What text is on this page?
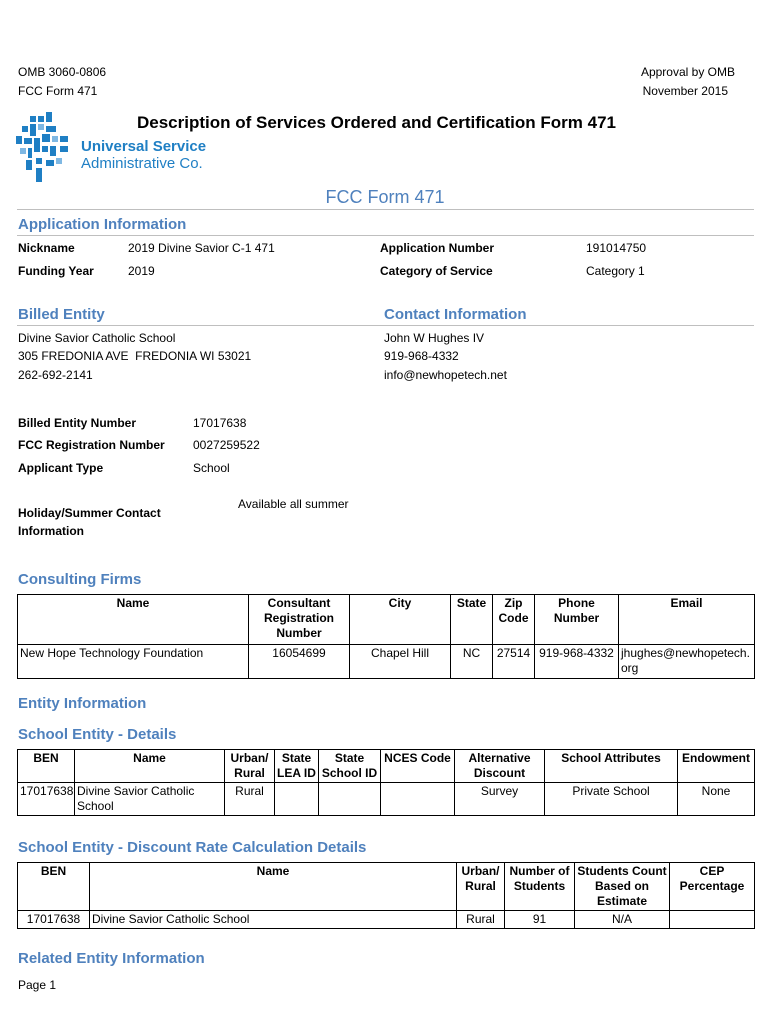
OMB 3060-0806
FCC Form 471
Approval by OMB
November 2015
Universal Service
Administrative Co.
Description of Services Ordered and Certification Form 471
FCC Form 471
Application Information
Nickname	2019 Divine Savior C-1 471	Application Number	191014750
Funding Year	2019	Category of Service	Category 1
Billed Entity	Contact Information
Divine Savior Catholic School
305 FREDONIA AVE  FREDONIA WI 53021
262-692-2141
John W Hughes IV
919-968-4332
info@newhopetech.net
Billed Entity Number	17017638
FCC Registration Number 0027259522
Applicant Type	School
Available all summer
Holiday/Summer Contact
Information
Consulting Firms
Name	Consultant Registration Number	City	State	Zip Code	Phone Number	Email
New Hope Technology Foundation	16054699	Chapel Hill	NC	27514	919-968-4332	jhughes@newhopetech.org
Entity Information
School Entity - Details
BEN	Name	Urban/ Rural	State LEA ID	State School ID	NCES Code	Alternative Discount	School Attributes	Endowment
17017638	Divine Savior Catholic School	Rural				Survey	Private School	None
School Entity - Discount Rate Calculation Details
BEN	Name	Urban/ Rural	Number of Students	Students Count Based on Estimate	CEP Percentage
17017638	Divine Savior Catholic School	Rural	91	N/A	
Related Entity Information
Page 1
